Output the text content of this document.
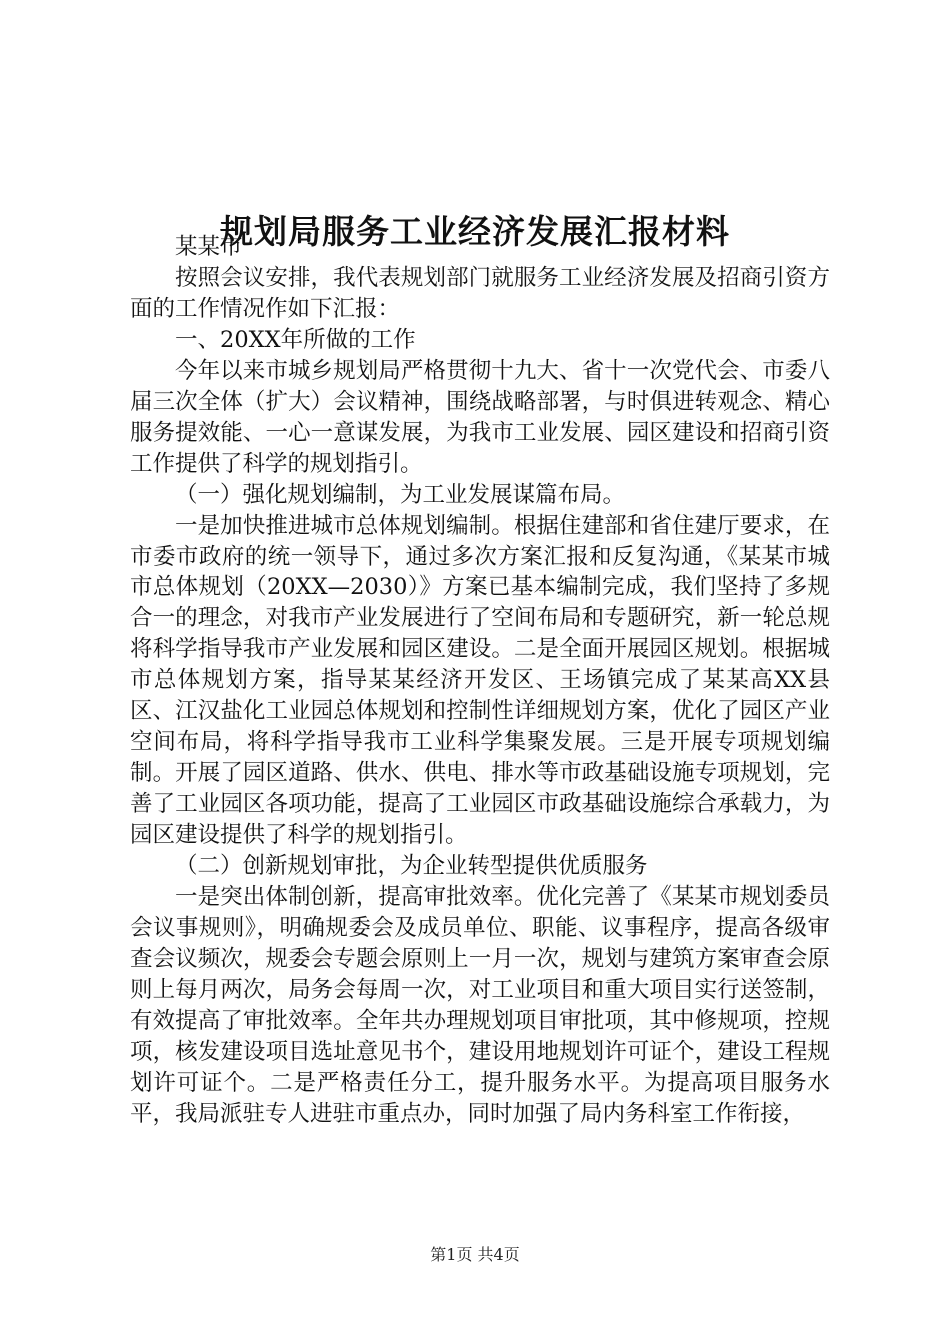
规划局服务工业经济发展汇报材料

某某市

按照会议安排，我代表规划部门就服务工业经济发展及招商引资方面的工作情况作如下汇报：

一、20XX年所做的工作

今年以来市城乡规划局严格贯彻十九大、省十一次党代会、市委八届三次全体（扩大）会议精神，围绕战略部署，与时俱进转观念、精心服务提效能、一心一意谋发展，为我市工业发展、园区建设和招商引资工作提供了科学的规划指引。

（一）强化规划编制，为工业发展谋篇布局。

一是加快推进城市总体规划编制。根据住建部和省住建厅要求，在市委市政府的统一领导下，通过多次方案汇报和反复沟通，《某某市城市总体规划（20XX—2030）》方案已基本编制完成，我们坚持了多规合一的理念，对我市产业发展进行了空间布局和专题研究，新一轮总规将科学指导我市产业发展和园区建设。二是全面开展园区规划。根据城市总体规划方案，指导某某经济开发区、王场镇完成了某某高XX县区、江汉盐化工业园总体规划和控制性详细规划方案，优化了园区产业空间布局，将科学指导我市工业科学集聚发展。三是开展专项规划编制。开展了园区道路、供水、供电、排水等市政基础设施专项规划，完善了工业园区各项功能，提高了工业园区市政基础设施综合承载力，为园区建设提供了科学的规划指引。

（二）创新规划审批，为企业转型提供优质服务

一是突出体制创新，提高审批效率。优化完善了《某某市规划委员会议事规则》，明确规委会及成员单位、职能、议事程序，提高各级审查会议频次，规委会专题会原则上一月一次，规划与建筑方案审查会原则上每月两次，局务会每周一次，对工业项目和重大项目实行送签制，有效提高了审批效率。全年共办理规划项目审批项，其中修规项，控规项，核发建设项目选址意见书个，建设用地规划许可证个，建设工程规划许可证个。二是严格责任分工，提升服务水平。为提高项目服务水平，我局派驻专人进驻市重点办，同时加强了局内务科室工作衔接，

第1页 共4页
